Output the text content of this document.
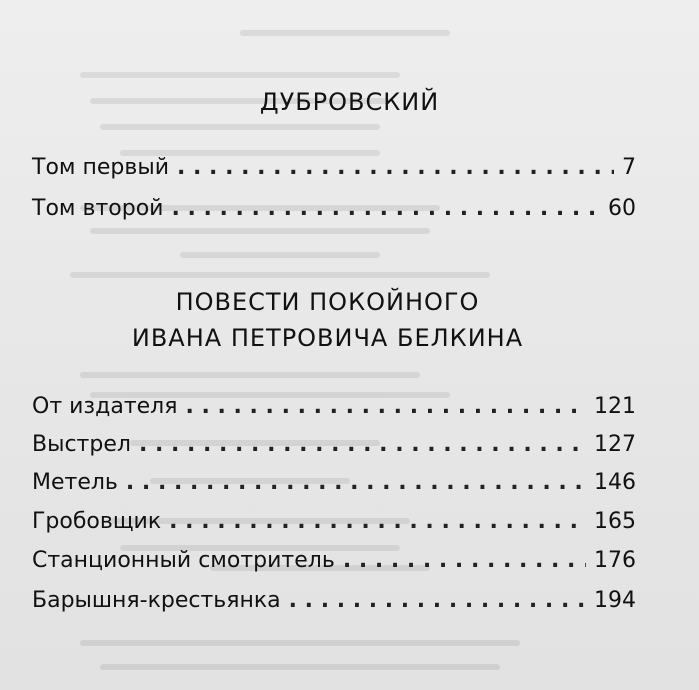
ДУБРОВСКИЙ
Том первый . . .	7
Том второй . . .	60
ПОВЕСТИ ПОКОЙНОГО
ИВАНА ПЕТРОВИЧА БЕЛКИНА
От издателя . . .	121
Выстрел . . .	127
Метель . . .	146
Гробовщик . . .	165
Станционный смотритель . . .	176
Барышня-крестьянка . . .	194
